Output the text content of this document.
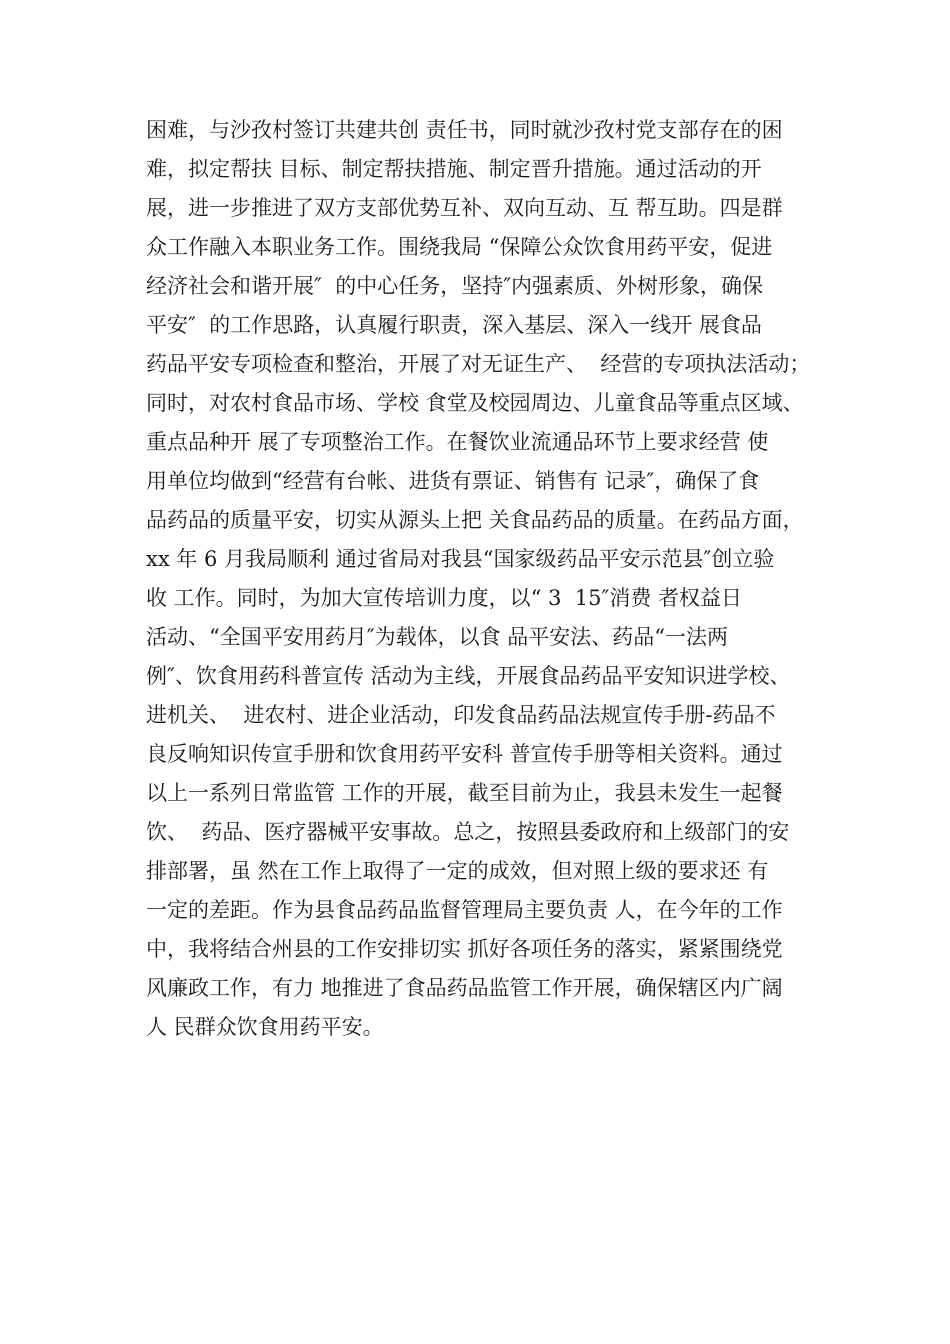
困难，与沙孜村签订共建共创 责任书，同时就沙孜村党支部存在的困
难，拟定帮扶 目标、制定帮扶措施、制定晋升措施。通过活动的开
展，进一步推进了双方支部优势互补、双向互动、互 帮互助。四是群
众工作融入本职业务工作。围绕我局 “保障公众饮食用药平安，促进
经济社会和谐开展″  的中心任务，坚持″内强素质、外树形象，确保
平安″  的工作思路，认真履行职责，深入基层、深入一线开 展食品
药品平安专项检查和整治，开展了对无证生产、  经营的专项执法活动；
同时，对农村食品市场、学校 食堂及校园周边、儿童食品等重点区域、
重点品种开 展了专项整治工作。在餐饮业流通品环节上要求经营 使
用单位均做到“经营有台帐、进货有票证、销售有 记录″，确保了食
品药品的质量平安，切实从源头上把 关食品药品的质量。在药品方面，
xx 年 6 月我局顺利 通过省局对我县“国家级药品平安示范县″创立验
收 工作。同时，为加大宣传培训力度，以“ 3  15″消费 者权益日
活动、“全国平安用药月″为载体，以食 品平安法、药品“一法两
例″、饮食用药科普宣传 活动为主线，开展食品药品平安知识进学校、
进机关、  进农村、进企业活动，印发食品药品法规宣传手册-药品不
良反响知识传宣手册和饮食用药平安科 普宣传手册等相关资料。通过
以上一系列日常监管 工作的开展，截至目前为止，我县未发生一起餐
饮、  药品、医疗器械平安事故。总之，按照县委政府和上级部门的安
排部署，虽 然在工作上取得了一定的成效，但对照上级的要求还 有
一定的差距。作为县食品药品监督管理局主要负责 人，在今年的工作
中，我将结合州县的工作安排切实 抓好各项任务的落实，紧紧围绕党
风廉政工作，有力 地推进了食品药品监管工作开展，确保辖区内广阔
人 民群众饮食用药平安。
